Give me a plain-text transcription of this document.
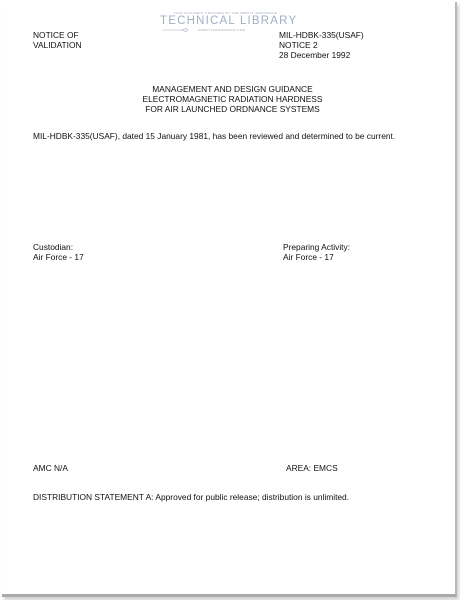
THIS DOCUMENT PROVIDED BY THE ABBOTT AEROSPACE
TECHNICAL LIBRARY
ABBOTTAEROSPACE.COM
NOTICE OF
VALIDATION
MIL-HDBK-335(USAF)
NOTICE 2
28 December 1992
MANAGEMENT AND DESIGN GUIDANCE
ELECTROMAGNETIC RADIATION HARDNESS
FOR AIR LAUNCHED ORDNANCE SYSTEMS
MIL-HDBK-335(USAF), dated 15 January 1981, has been reviewed and determined to be current.
Custodian:
Air Force - 17
Preparing Activity:
Air Force - 17
AMC N/A	AREA: EMCS
DISTRIBUTION STATEMENT A: Approved for public release; distribution is unlimited.
